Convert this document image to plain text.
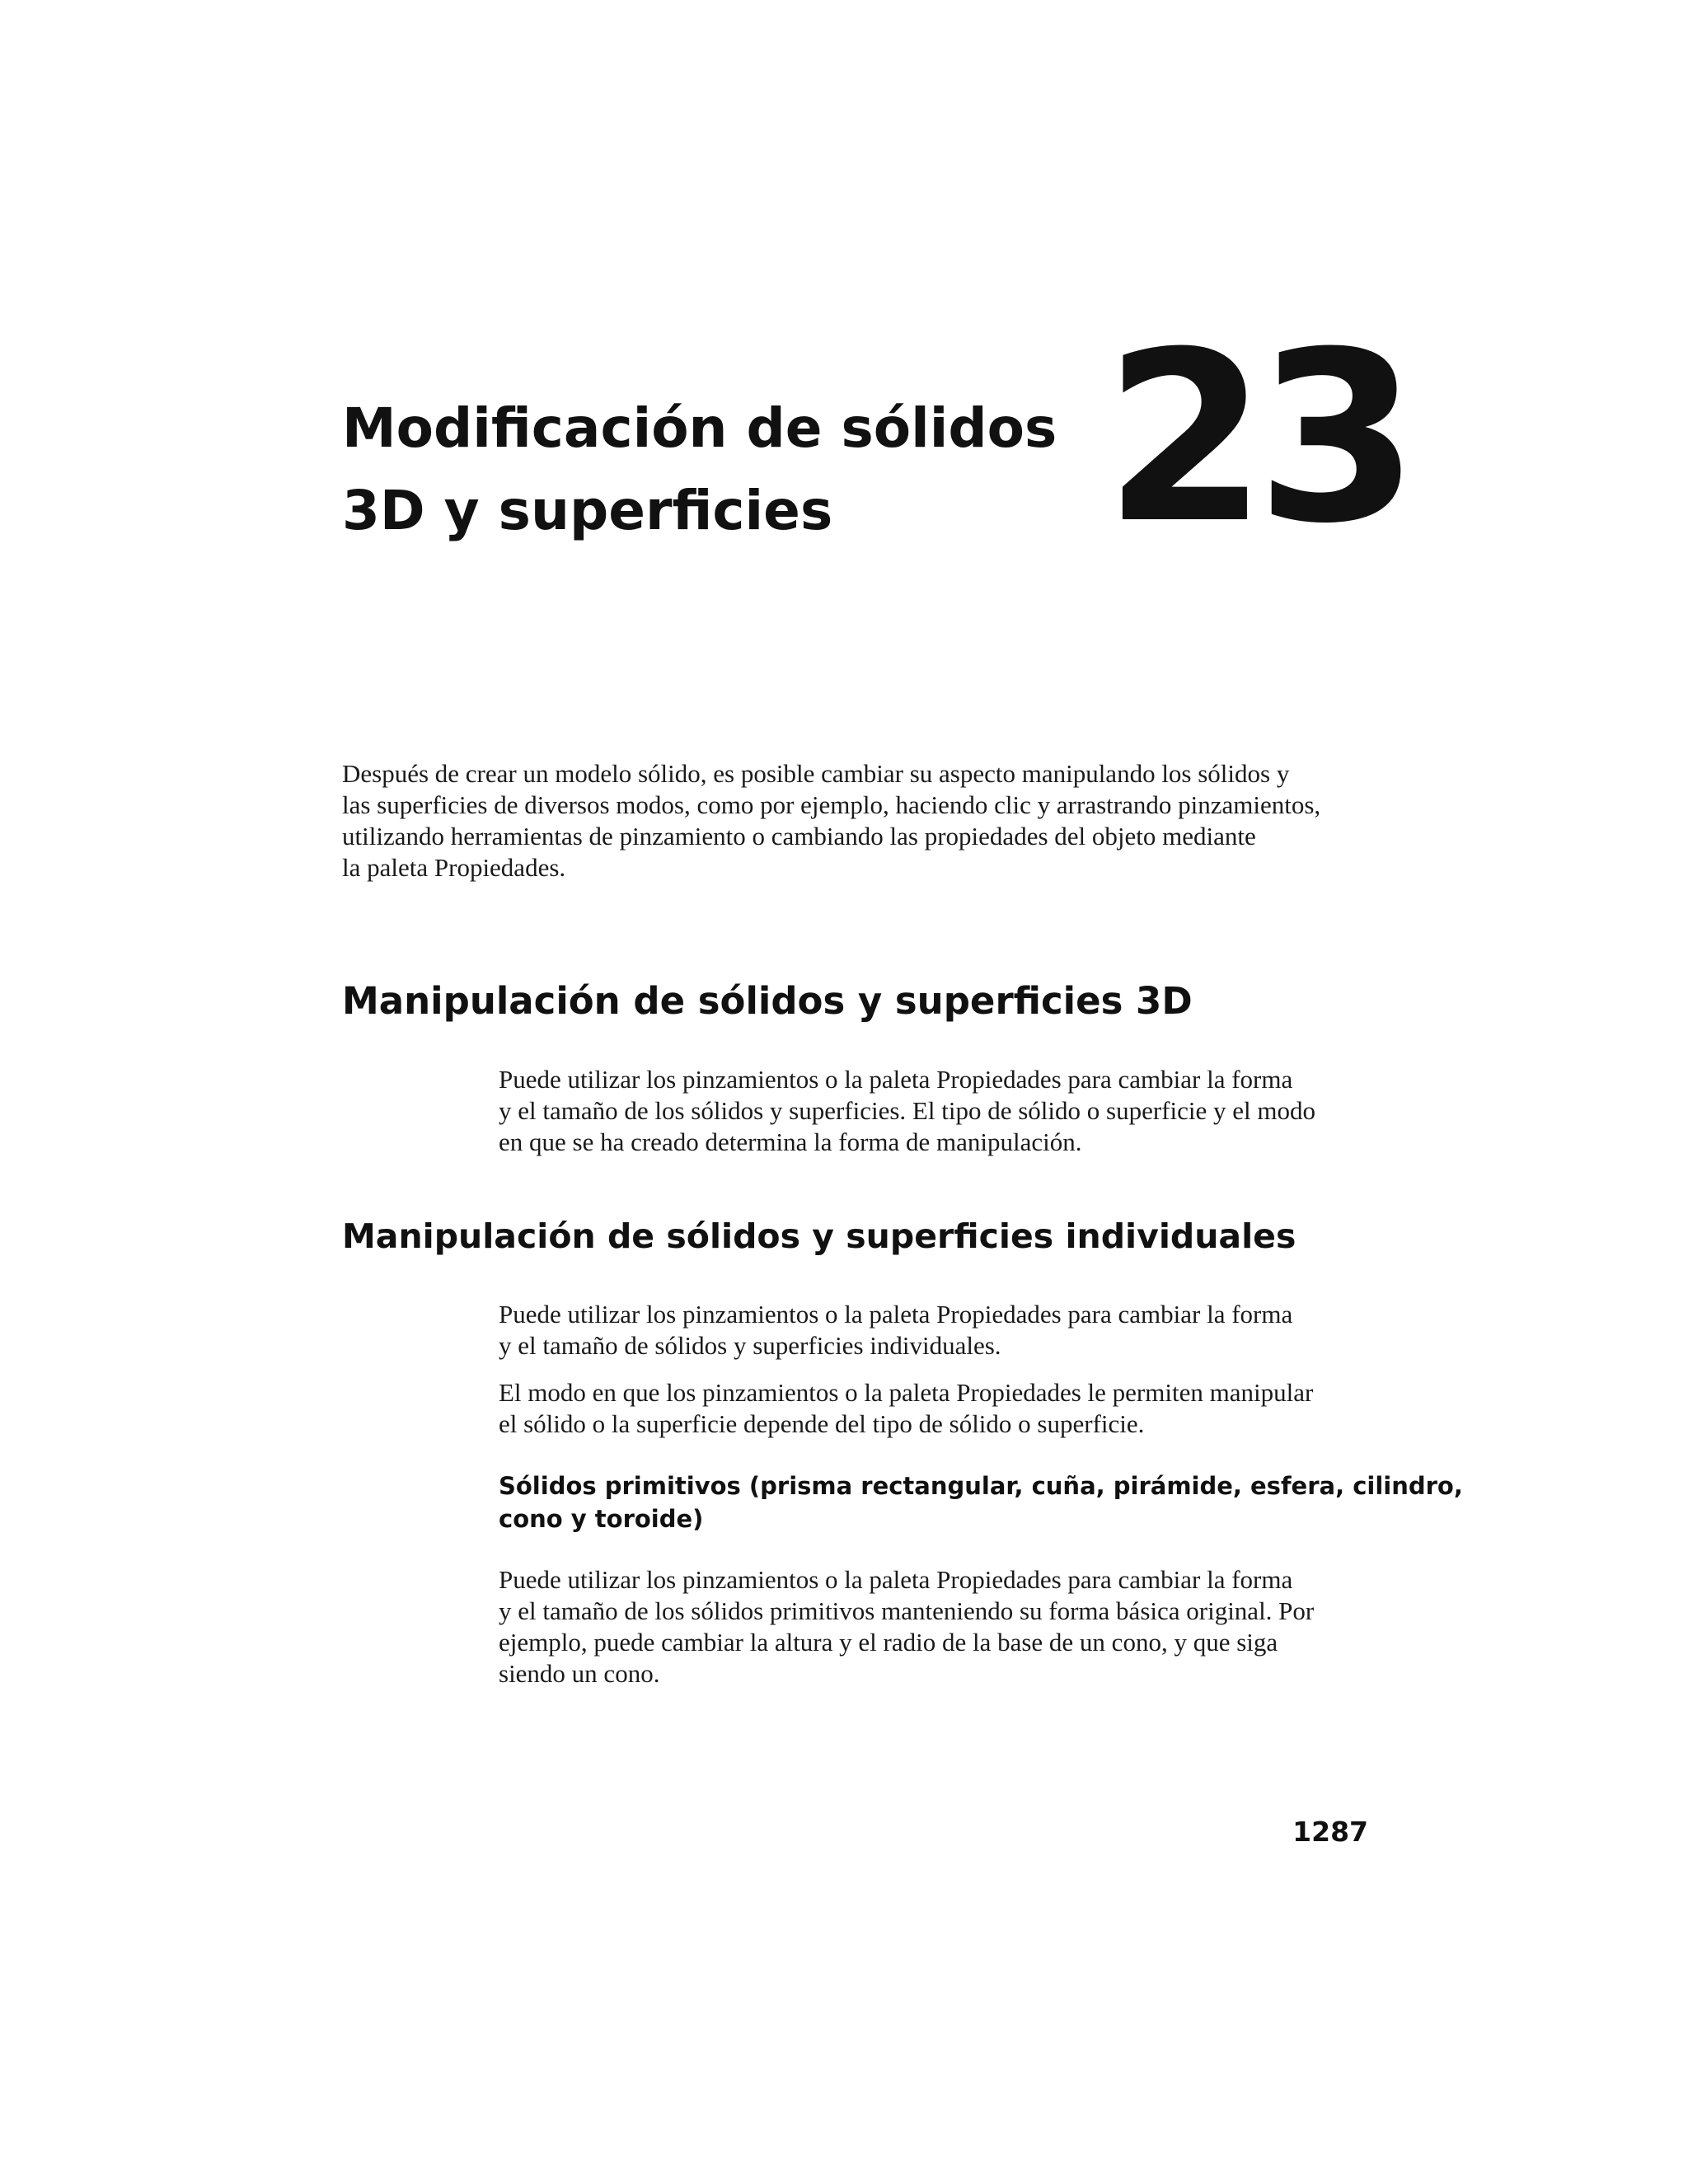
Modificación de sólidos
3D y superficies	23

Después de crear un modelo sólido, es posible cambiar su aspecto manipulando los sólidos y
las superficies de diversos modos, como por ejemplo, haciendo clic y arrastrando pinzamientos,
utilizando herramientas de pinzamiento o cambiando las propiedades del objeto mediante
la paleta Propiedades.

Manipulación de sólidos y superficies 3D

Puede utilizar los pinzamientos o la paleta Propiedades para cambiar la forma
y el tamaño de los sólidos y superficies. El tipo de sólido o superficie y el modo
en que se ha creado determina la forma de manipulación.

Manipulación de sólidos y superficies individuales

Puede utilizar los pinzamientos o la paleta Propiedades para cambiar la forma
y el tamaño de sólidos y superficies individuales.

El modo en que los pinzamientos o la paleta Propiedades le permiten manipular
el sólido o la superficie depende del tipo de sólido o superficie.

Sólidos primitivos (prisma rectangular, cuña, pirámide, esfera, cilindro,
cono y toroide)

Puede utilizar los pinzamientos o la paleta Propiedades para cambiar la forma
y el tamaño de los sólidos primitivos manteniendo su forma básica original. Por
ejemplo, puede cambiar la altura y el radio de la base de un cono, y que siga
siendo un cono.

1287
